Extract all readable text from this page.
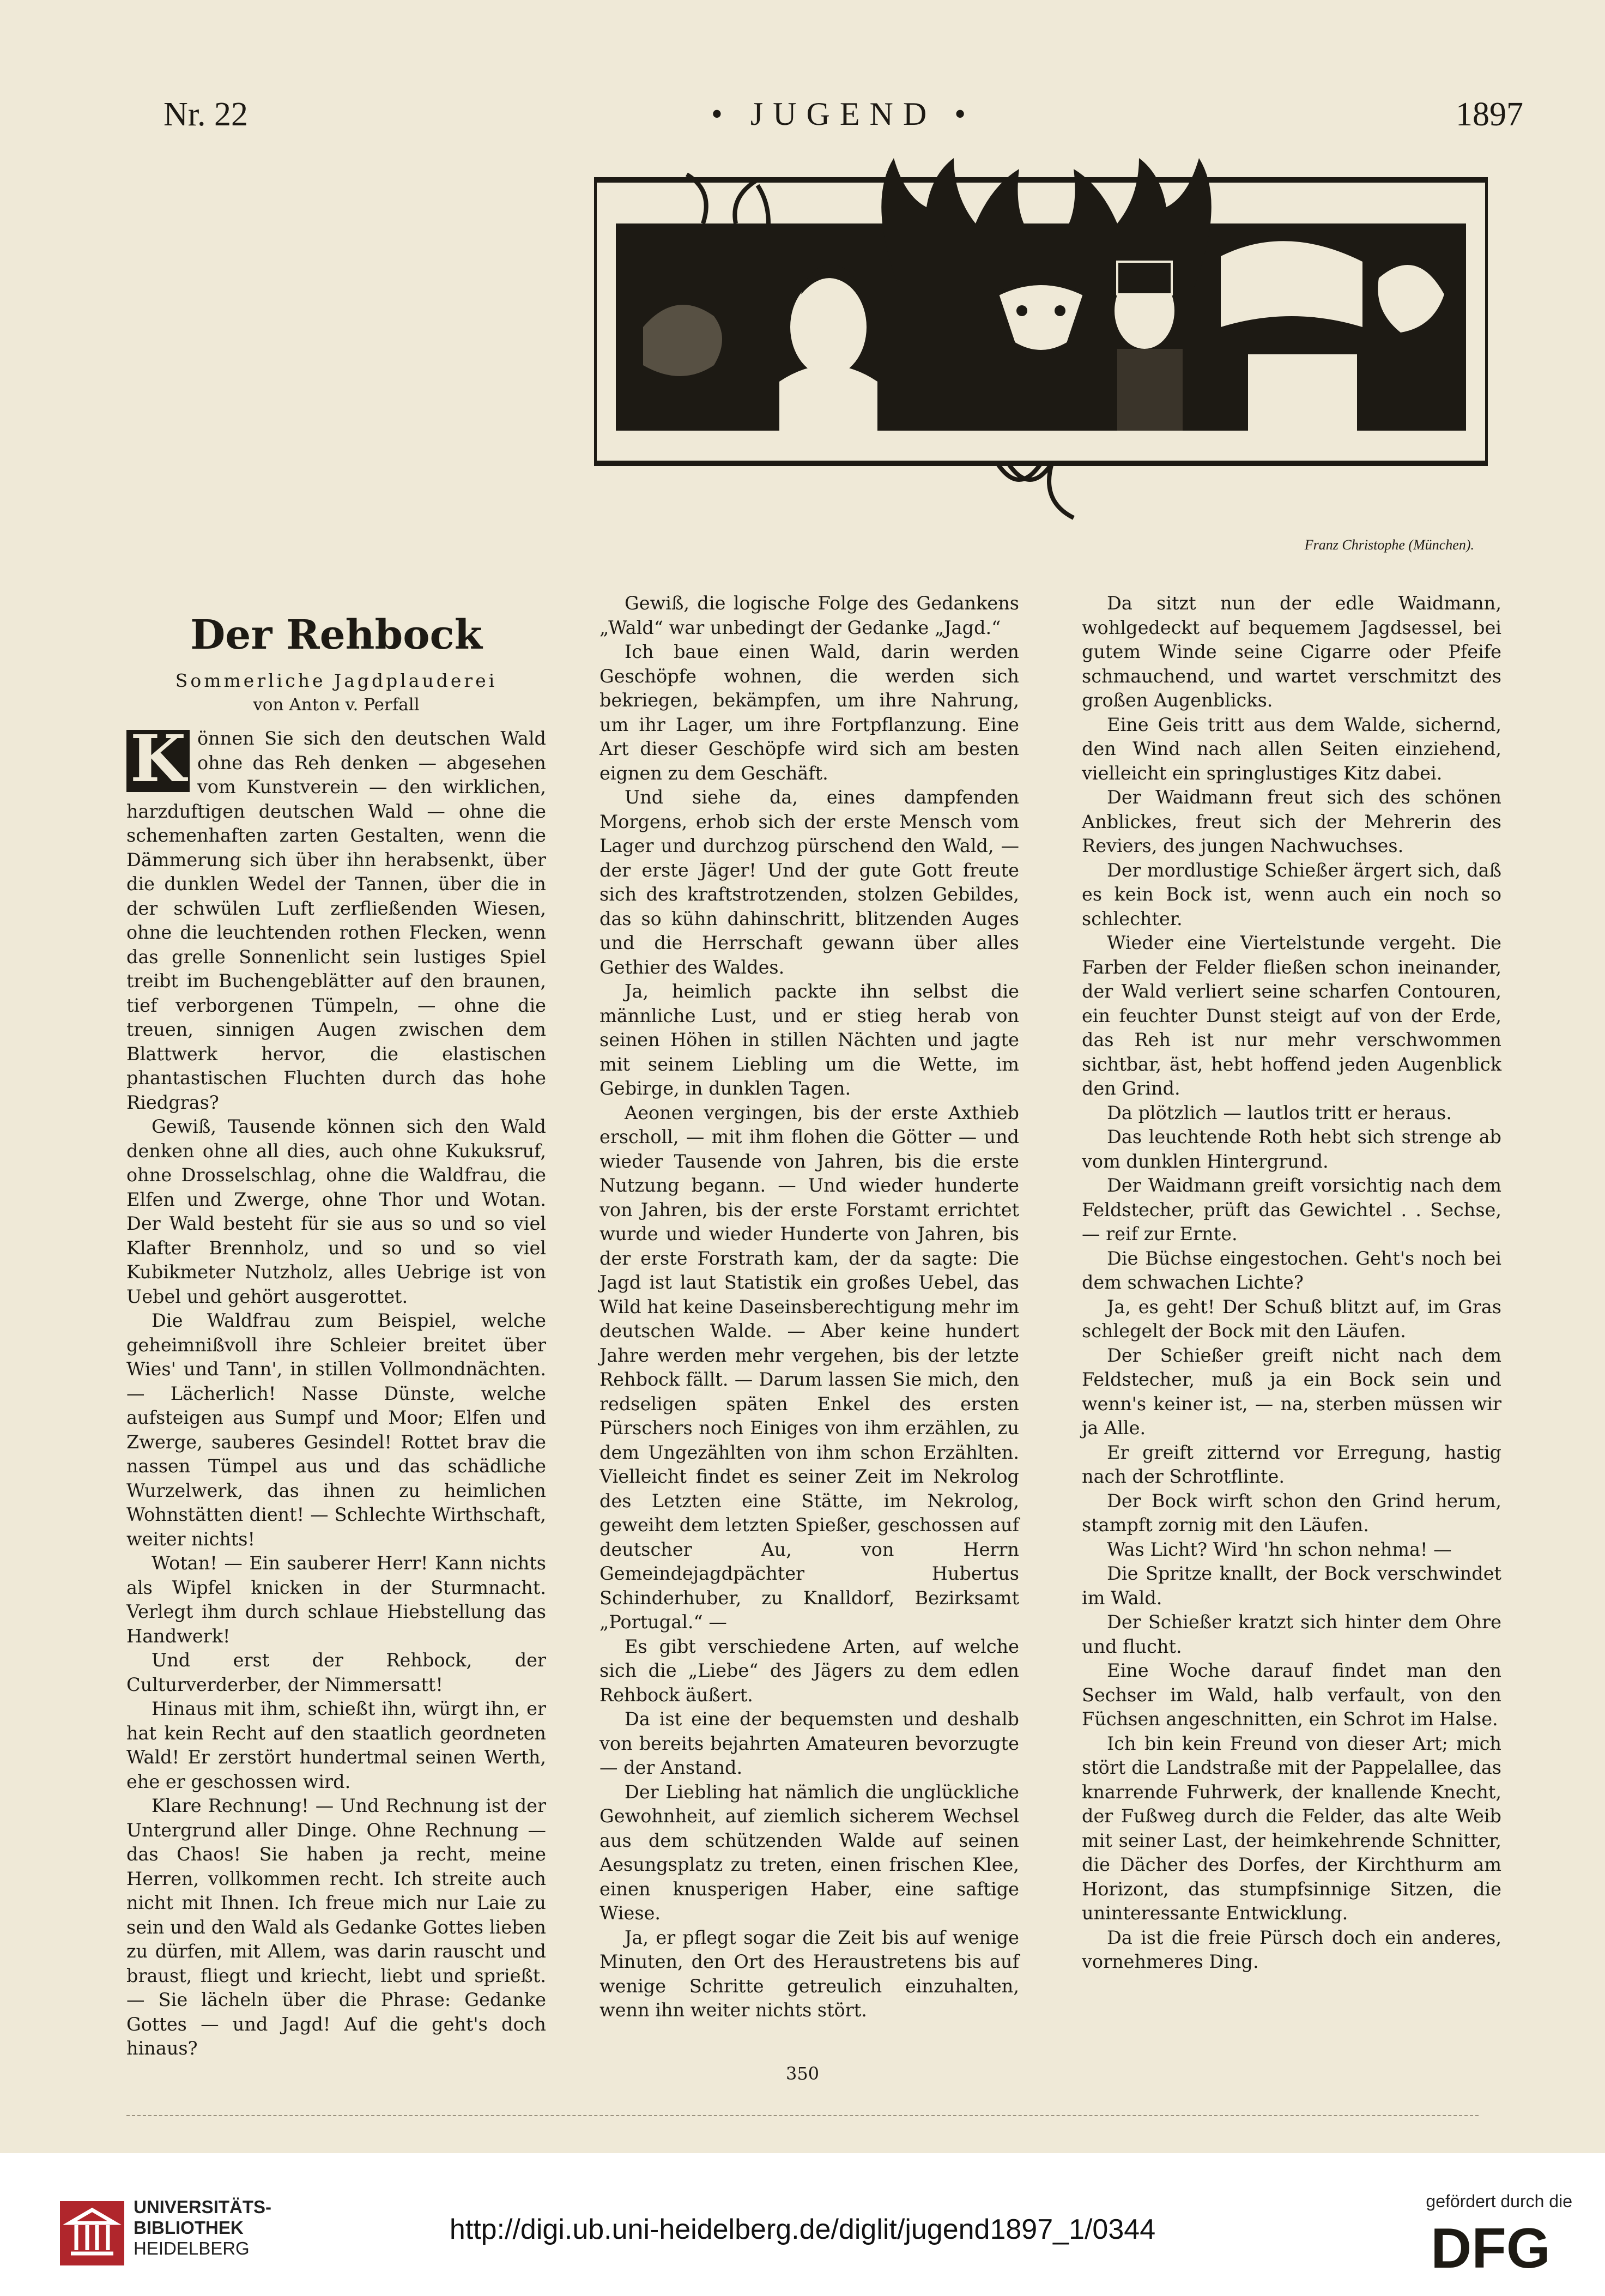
Nr. 22	• JUGEND •	1897
Franz Christophe (München).
Der Rehbock
Sommerliche Jagdplauderei
von Anton v. Perfall
K önnen Sie sich den deutschen Wald ohne das Reh denken — abgesehen vom Kunstverein — den wirklichen, harzduftigen deutschen Wald — ohne die schemenhaften zarten Gestalten, wenn die Dämmerung sich über ihn herabsenkt, über die dunklen Wedel der Tannen, über die in der schwülen Luft zerfließenden Wiesen, ohne die leuchtenden rothen Flecken, wenn das grelle Sonnenlicht sein lustiges Spiel treibt im Buchengeblätter auf den braunen, tief verborgenen Tümpeln, — ohne die treuen, sinnigen Augen zwischen dem Blattwerk hervor, die elastischen phantastischen Fluchten durch das hohe Riedgras?

Gewiß, Tausende können sich den Wald denken ohne all dies, auch ohne Kukuksruf, ohne Drosselschlag, ohne die Waldfrau, die Elfen und Zwerge, ohne Thor und Wotan. Der Wald besteht für sie aus so und so viel Klafter Brennholz, und so und so viel Kubikmeter Nutzholz, alles Uebrige ist von Uebel und gehört ausgerottet.

Die Waldfrau zum Beispiel, welche geheimnißvoll ihre Schleier breitet über Wies' und Tann', in stillen Vollmondnächten. — Lächerlich! Nasse Dünste, welche aufsteigen aus Sumpf und Moor; Elfen und Zwerge, sauberes Gesindel! Rottet brav die nassen Tümpel aus und das schädliche Wurzelwerk, das ihnen zu heimlichen Wohnstätten dient! — Schlechte Wirthschaft, weiter nichts!

Wotan! — Ein sauberer Herr! Kann nichts als Wipfel knicken in der Sturmnacht. Verlegt ihm durch schlaue Hiebstellung das Handwerk!

Und erst der Rehbock, der Culturverderber, der Nimmersatt!

Hinaus mit ihm, schießt ihn, würgt ihn, er hat kein Recht auf den staatlich geordneten Wald! Er zerstört hundertmal seinen Werth, ehe er geschossen wird.

Klare Rechnung! — Und Rechnung ist der Untergrund aller Dinge. Ohne Rechnung — das Chaos! Sie haben ja recht, meine Herren, vollkommen recht. Ich streite auch nicht mit Ihnen. Ich freue mich nur Laie zu sein und den Wald als Gedanke Gottes lieben zu dürfen, mit Allem, was darin rauscht und braust, fliegt und kriecht, liebt und sprießt. — Sie lächeln über die Phrase: Gedanke Gottes — und Jagd! Auf die geht's doch hinaus?

Gewiß, die logische Folge des Gedankens „Wald“ war unbedingt der Gedanke „Jagd.“

Ich baue einen Wald, darin werden Geschöpfe wohnen, die werden sich bekriegen, bekämpfen, um ihre Nahrung, um ihr Lager, um ihre Fortpflanzung. Eine Art dieser Geschöpfe wird sich am besten eignen zu dem Geschäft.

Und siehe da, eines dampfenden Morgens, erhob sich der erste Mensch vom Lager und durchzog pürschend den Wald, — der erste Jäger! Und der gute Gott freute sich des kraftstrotzenden, stolzen Gebildes, das so kühn dahinschritt, blitzenden Auges und die Herrschaft gewann über alles Gethier des Waldes.

Ja, heimlich packte ihn selbst die männliche Lust, und er stieg herab von seinen Höhen in stillen Nächten und jagte mit seinem Liebling um die Wette, im Gebirge, in dunklen Tagen.

Aeonen vergingen, bis der erste Axthieb erscholl, — mit ihm flohen die Götter — und wieder Tausende von Jahren, bis die erste Nutzung begann. — Und wieder hunderte von Jahren, bis der erste Forstamt errichtet wurde und wieder Hunderte von Jahren, bis der erste Forstrath kam, der da sagte: Die Jagd ist laut Statistik ein großes Uebel, das Wild hat keine Daseinsberechtigung mehr im deutschen Walde. — Aber keine hundert Jahre werden mehr vergehen, bis der letzte Rehbock fällt. — Darum lassen Sie mich, den redseligen späten Enkel des ersten Pürschers noch Einiges von ihm erzählen, zu dem Ungezählten von ihm schon Erzählten. Vielleicht findet es seiner Zeit im Nekrolog des Letzten eine Stätte, im Nekrolog, geweiht dem letzten Spießer, geschossen auf deutscher Au, von Herrn Gemeindejagdpächter Hubertus Schinderhuber, zu Knalldorf, Bezirksamt „Portugal.“ —

Es gibt verschiedene Arten, auf welche sich die „Liebe“ des Jägers zu dem edlen Rehbock äußert.

Da ist eine der bequemsten und deshalb von bereits bejahrten Amateuren bevorzugte — der Anstand.

Der Liebling hat nämlich die unglückliche Gewohnheit, auf ziemlich sicherem Wechsel aus dem schützenden Walde auf seinen Aesungsplatz zu treten, einen frischen Klee, einen knusperigen Haber, eine saftige Wiese.

Ja, er pflegt sogar die Zeit bis auf wenige Minuten, den Ort des Heraustretens bis auf wenige Schritte getreulich einzuhalten, wenn ihn weiter nichts stört.

Da sitzt nun der edle Waidmann, wohlgedeckt auf bequemem Jagdsessel, bei gutem Winde seine Cigarre oder Pfeife schmauchend, und wartet verschmitzt des großen Augenblicks.

Eine Geis tritt aus dem Walde, sichernd, den Wind nach allen Seiten einziehend, vielleicht ein springlustiges Kitz dabei.

Der Waidmann freut sich des schönen Anblickes, freut sich der Mehrerin des Reviers, des jungen Nachwuchses.

Der mordlustige Schießer ärgert sich, daß es kein Bock ist, wenn auch ein noch so schlechter.

Wieder eine Viertelstunde vergeht. Die Farben der Felder fließen schon ineinander, der Wald verliert seine scharfen Contouren, ein feuchter Dunst steigt auf von der Erde, das Reh ist nur mehr verschwommen sichtbar, äst, hebt hoffend jeden Augenblick den Grind.

Da plötzlich — lautlos tritt er heraus.

Das leuchtende Roth hebt sich strenge ab vom dunklen Hintergrund.

Der Waidmann greift vorsichtig nach dem Feldstecher, prüft das Gewichtel . . Sechse, — reif zur Ernte.

Die Büchse eingestochen. Geht's noch bei dem schwachen Lichte?

Ja, es geht! Der Schuß blitzt auf, im Gras schlegelt der Bock mit den Läufen.

Der Schießer greift nicht nach dem Feldstecher, muß ja ein Bock sein und wenn's keiner ist, — na, sterben müssen wir ja Alle.

Er greift zitternd vor Erregung, hastig nach der Schrotflinte.

Der Bock wirft schon den Grind herum, stampft zornig mit den Läufen.

Was Licht? Wird 'hn schon nehma! —

Die Spritze knallt, der Bock verschwindet im Wald.

Der Schießer kratzt sich hinter dem Ohre und flucht.

Eine Woche darauf findet man den Sechser im Wald, halb verfault, von den Füchsen angeschnitten, ein Schrot im Halse.

Ich bin kein Freund von dieser Art; mich stört die Landstraße mit der Pappelallee, das knarrende Fuhrwerk, der knallende Knecht, der Fußweg durch die Felder, das alte Weib mit seiner Last, der heimkehrende Schnitter, die Dächer des Dorfes, der Kirchthurm am Horizont, das stumpfsinnige Sitzen, die uninteressante Entwicklung.

Da ist die freie Pürsch doch ein anderes, vornehmeres Ding.

350
UNIVERSITÄTS-
BIBLIOTHEK
HEIDELBERG
http://digi.ub.uni-heidelberg.de/diglit/jugend1897_1/0344
gefördert durch die
DFG
